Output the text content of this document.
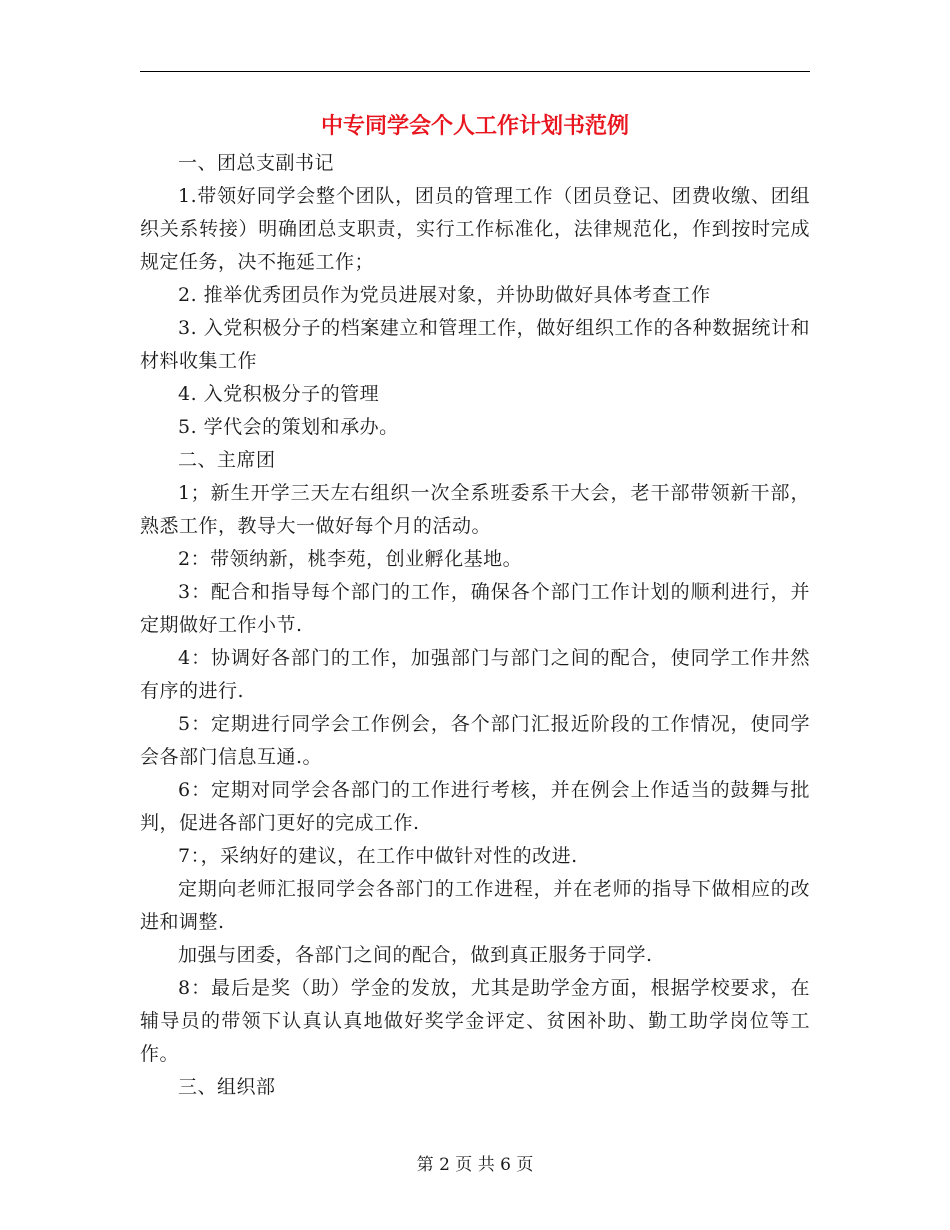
中专同学会个人工作计划书范例

一、团总支副书记

1.带领好同学会整个团队，团员的管理工作（团员登记、团费收缴、团组织关系转接）明确团总支职责，实行工作标准化，法律规范化，作到按时完成规定任务，决不拖延工作；

2. 推举优秀团员作为党员进展对象，并协助做好具体考查工作

3. 入党积极分子的档案建立和管理工作，做好组织工作的各种数据统计和材料收集工作

4. 入党积极分子的管理

5. 学代会的策划和承办。

二、主席团

1；新生开学三天左右组织一次全系班委系干大会，老干部带领新干部，熟悉工作，教导大一做好每个月的活动。

2：带领纳新，桃李苑，创业孵化基地。

3：配合和指导每个部门的工作，确保各个部门工作计划的顺利进行，并定期做好工作小节.

4：协调好各部门的工作，加强部门与部门之间的配合，使同学工作井然有序的进行.

5：定期进行同学会工作例会，各个部门汇报近阶段的工作情况，使同学会各部门信息互通.。

6：定期对同学会各部门的工作进行考核，并在例会上作适当的鼓舞与批判，促进各部门更好的完成工作.

7：，采纳好的建议，在工作中做针对性的改进.

定期向老师汇报同学会各部门的工作进程，并在老师的指导下做相应的改进和调整.

加强与团委，各部门之间的配合，做到真正服务于同学.

8：最后是奖（助）学金的发放，尤其是助学金方面，根据学校要求，在辅导员的带领下认真认真地做好奖学金评定、贫困补助、勤工助学岗位等工作。

三、组织部

第 2 页 共 6 页
